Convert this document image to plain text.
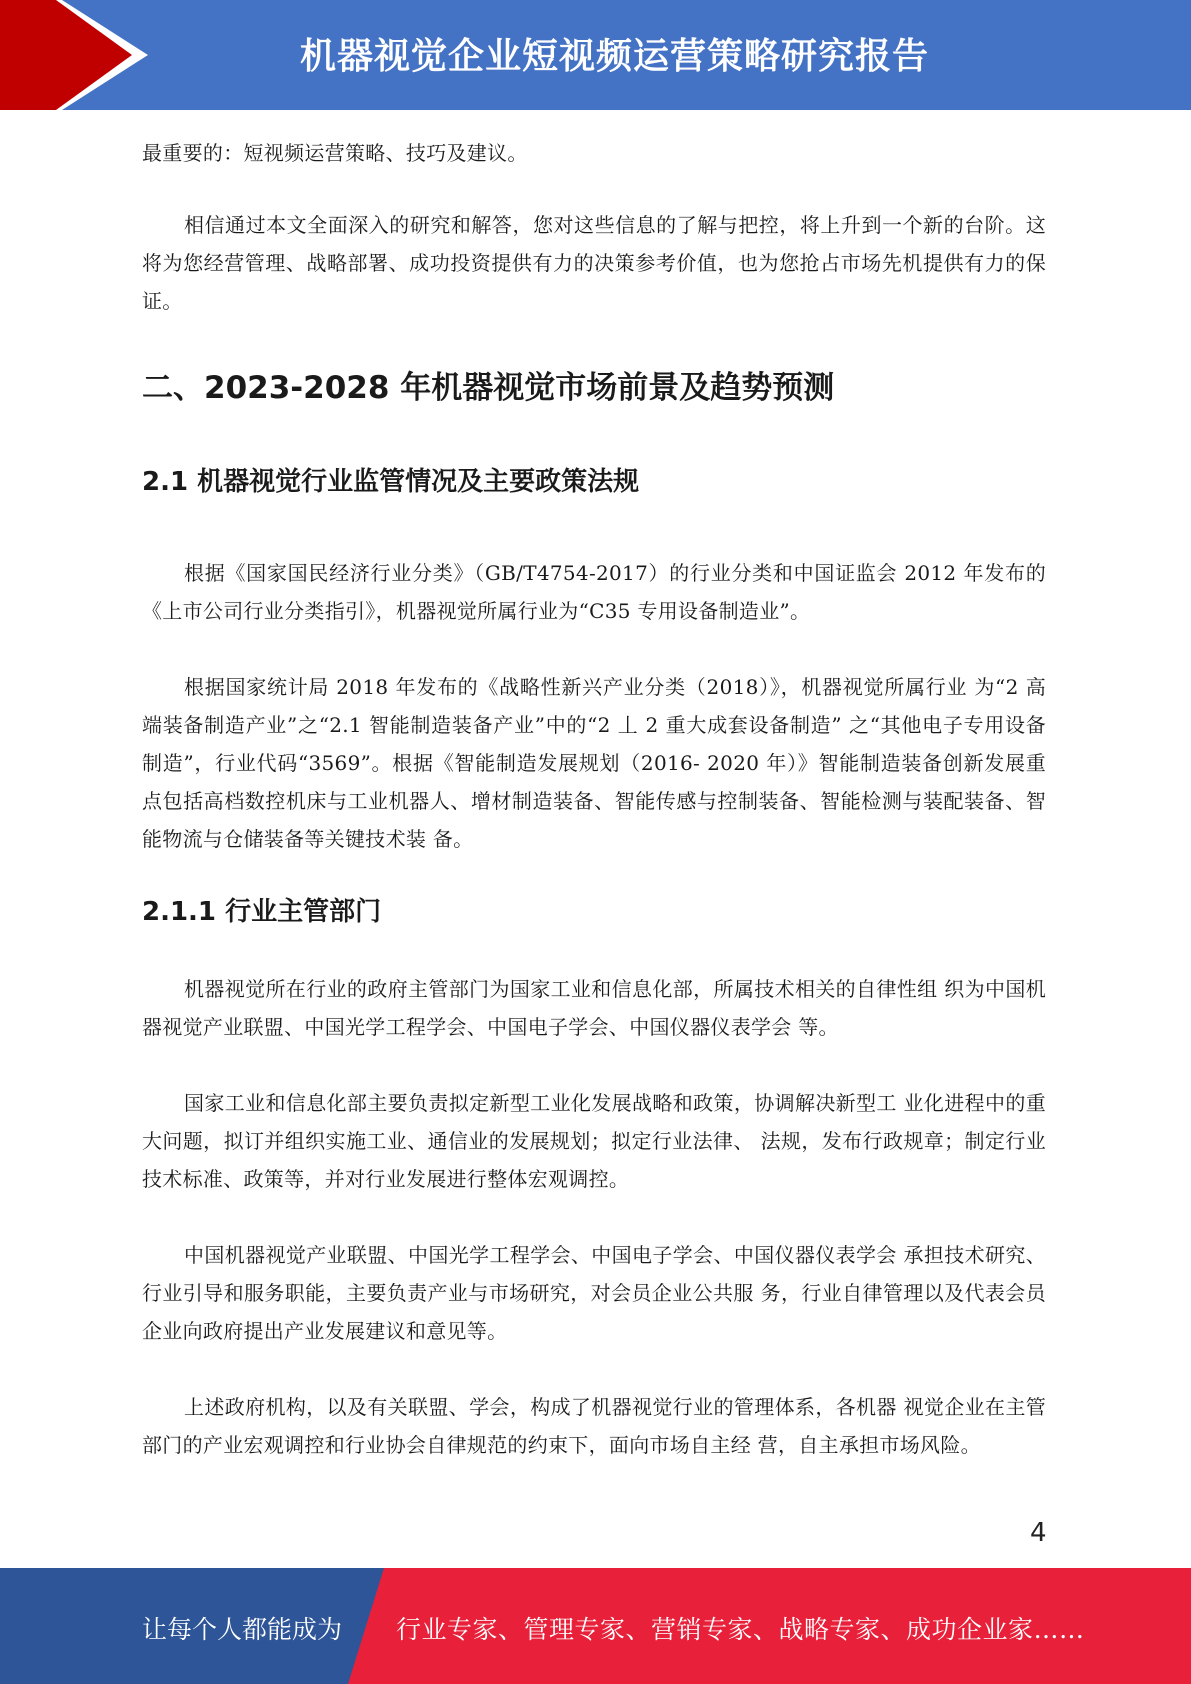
机器视觉企业短视频运营策略研究报告

最重要的：短视频运营策略、技巧及建议。

相信通过本文全面深入的研究和解答，您对这些信息的了解与把控，将上升到一个新的台阶。这将为您经营管理、战略部署、成功投资提供有力的决策参考价值，也为您抢占市场先机提供有力的保证。

二、2023-2028 年机器视觉市场前景及趋势预测
2.1 机器视觉行业监管情况及主要政策法规

根据《国家国民经济行业分类》（GB/T4754-2017）的行业分类和中国证监会 2012 年发布的《上市公司行业分类指引》，机器视觉所属行业为“C35 专用设备制造业”。

根据国家统计局 2018 年发布的《战略性新兴产业分类（2018）》，机器视觉所属行业 为“2 高端装备制造产业”之“2.1 智能制造装备产业”中的“2 丄 2 重大成套设备制造” 之“其他电子专用设备制造”，行业代码“3569”。根据《智能制造发展规划（2016- 2020 年）》智能制造装备创新发展重点包括高档数控机床与工业机器人、增材制造装备、智能传感与控制装备、智能检测与装配装备、智能物流与仓储装备等关键技术装 备。

2.1.1 行业主管部门

机器视觉所在行业的政府主管部门为国家工业和信息化部，所属技术相关的自律性组 织为中国机器视觉产业联盟、中国光学工程学会、中国电子学会、中国仪器仪表学会 等。

国家工业和信息化部主要负责拟定新型工业化发展战略和政策，协调解决新型工 业化进程中的重大问题，拟订并组织实施工业、通信业的发展规划；拟定行业法律、 法规，发布行政规章；制定行业技术标准、政策等，并对行业发展进行整体宏观调控。

中国机器视觉产业联盟、中国光学工程学会、中国电子学会、中国仪器仪表学会 承担技术研究、行业引导和服务职能，主要负责产业与市场研究，对会员企业公共服 务，行业自律管理以及代表会员企业向政府提出产业发展建议和意见等。

上述政府机构，以及有关联盟、学会，构成了机器视觉行业的管理体系，各机器 视觉企业在主管部门的产业宏观调控和行业协会自律规范的约束下，面向市场自主经 营，自主承担市场风险。

4
让每个人都能成为 行业专家、管理专家、营销专家、战略专家、成功企业家……
